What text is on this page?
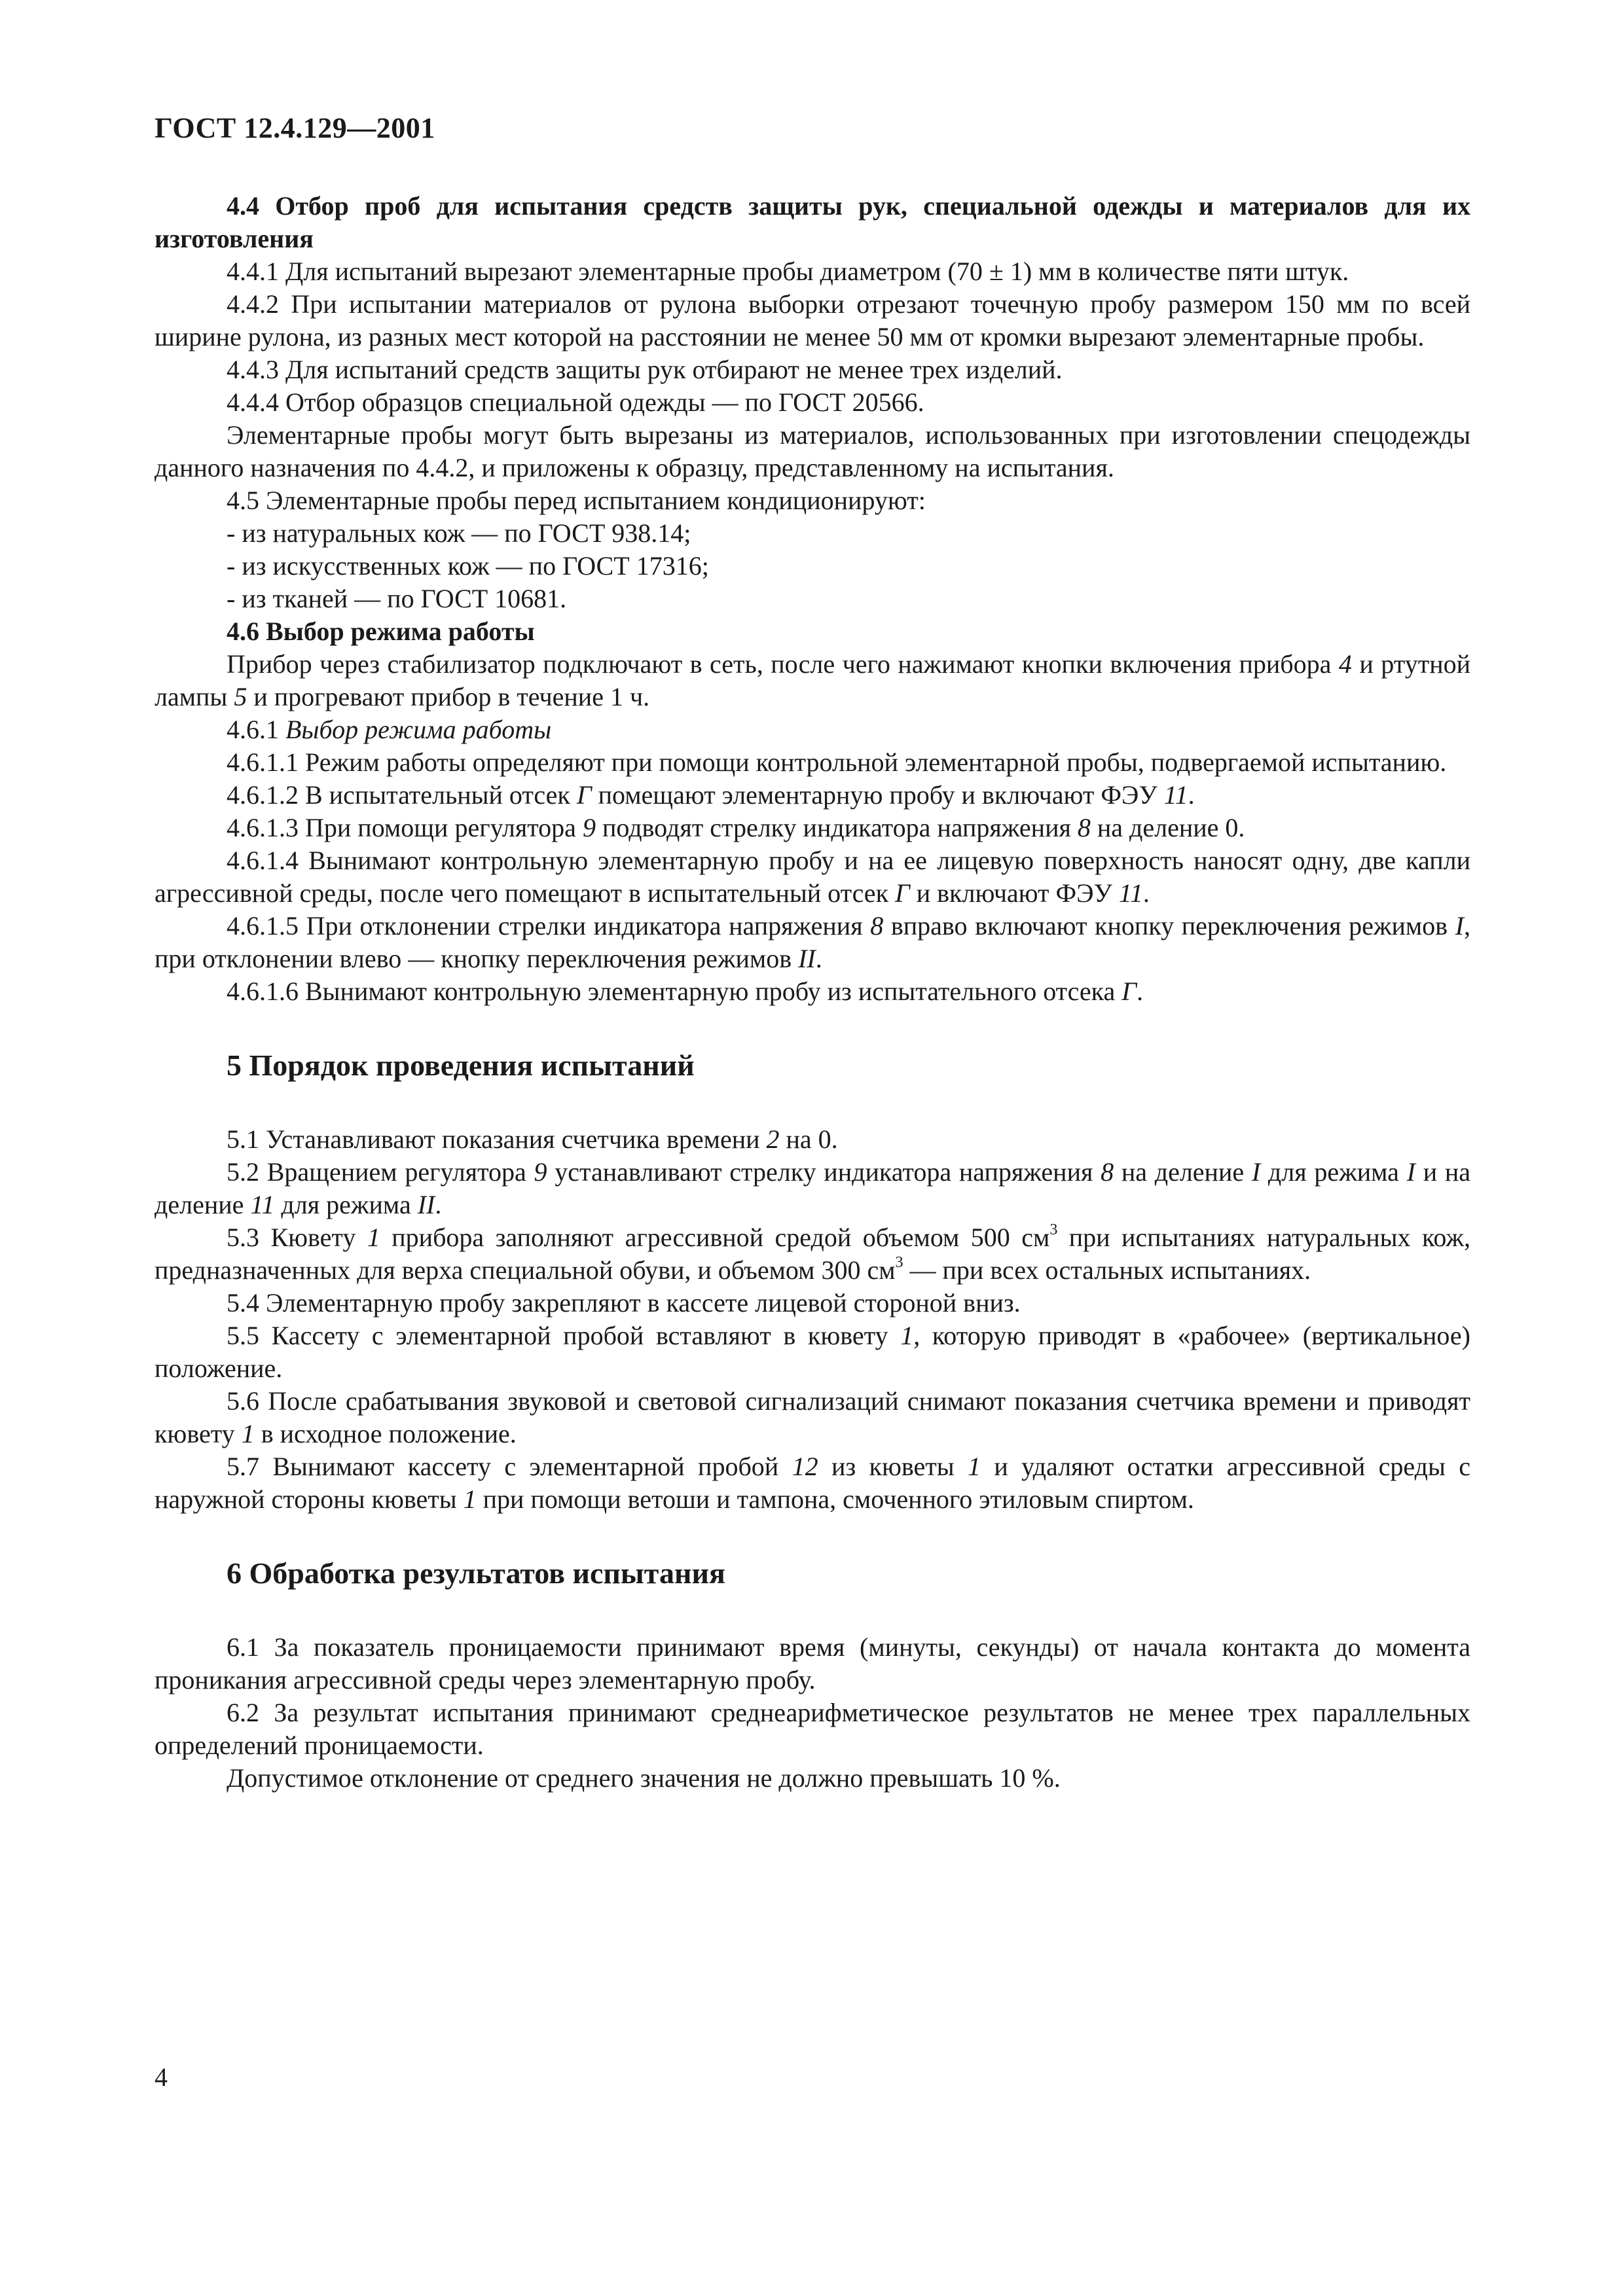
ГОСТ 12.4.129—2001

4.4 Отбор проб для испытания средств защиты рук, специальной одежды и материалов для их изготовления

4.4.1 Для испытаний вырезают элементарные пробы диаметром (70 ± 1) мм в количестве пяти штук.

4.4.2 При испытании материалов от рулона выборки отрезают точечную пробу размером 150 мм по всей ширине рулона, из разных мест которой на расстоянии не менее 50 мм от кромки вырезают элементарные пробы.

4.4.3 Для испытаний средств защиты рук отбирают не менее трех изделий.

4.4.4 Отбор образцов специальной одежды — по ГОСТ 20566.

Элементарные пробы могут быть вырезаны из материалов, использованных при изготовлении спецодежды данного назначения по 4.4.2, и приложены к образцу, представленному на испытания.

4.5 Элементарные пробы перед испытанием кондиционируют:

- из натуральных кож — по ГОСТ 938.14;

- из искусственных кож — по ГОСТ 17316;

- из тканей — по ГОСТ 10681.

4.6 Выбор режима работы

Прибор через стабилизатор подключают в сеть, после чего нажимают кнопки включения прибора 4 и ртутной лампы 5 и прогревают прибор в течение 1 ч.

4.6.1 Выбор режима работы

4.6.1.1 Режим работы определяют при помощи контрольной элементарной пробы, подвергаемой испытанию.

4.6.1.2 В испытательный отсек Г помещают элементарную пробу и включают ФЭУ 11.

4.6.1.3 При помощи регулятора 9 подводят стрелку индикатора напряжения 8 на деление 0.

4.6.1.4 Вынимают контрольную элементарную пробу и на ее лицевую поверхность наносят одну, две капли агрессивной среды, после чего помещают в испытательный отсек Г и включают ФЭУ 11.

4.6.1.5 При отклонении стрелки индикатора напряжения 8 вправо включают кнопку переключения режимов I, при отклонении влево — кнопку переключения режимов II.

4.6.1.6 Вынимают контрольную элементарную пробу из испытательного отсека Г.

5 Порядок проведения испытаний

5.1 Устанавливают показания счетчика времени 2 на 0.

5.2 Вращением регулятора 9 устанавливают стрелку индикатора напряжения 8 на деление I для режима I и на деление 11 для режима II.

5.3 Кювету 1 прибора заполняют агрессивной средой объемом 500 $см^3$ при испытаниях натуральных кож, предназначенных для верха специальной обуви, и объемом 300 $см^3$ — при всех остальных испытаниях.

5.4 Элементарную пробу закрепляют в кассете лицевой стороной вниз.

5.5 Кассету с элементарной пробой вставляют в кювету 1, которую приводят в «рабочее» (вертикальное) положение.

5.6 После срабатывания звуковой и световой сигнализаций снимают показания счетчика времени и приводят кювету 1 в исходное положение.

5.7 Вынимают кассету с элементарной пробой 12 из кюветы 1 и удаляют остатки агрессивной среды с наружной стороны кюветы 1 при помощи ветоши и тампона, смоченного этиловым спиртом.

6 Обработка результатов испытания

6.1 За показатель проницаемости принимают время (минуты, секунды) от начала контакта до момента проникания агрессивной среды через элементарную пробу.

6.2 За результат испытания принимают среднеарифметическое результатов не менее трех параллельных определений проницаемости.

Допустимое отклонение от среднего значения не должно превышать 10 %.

4
